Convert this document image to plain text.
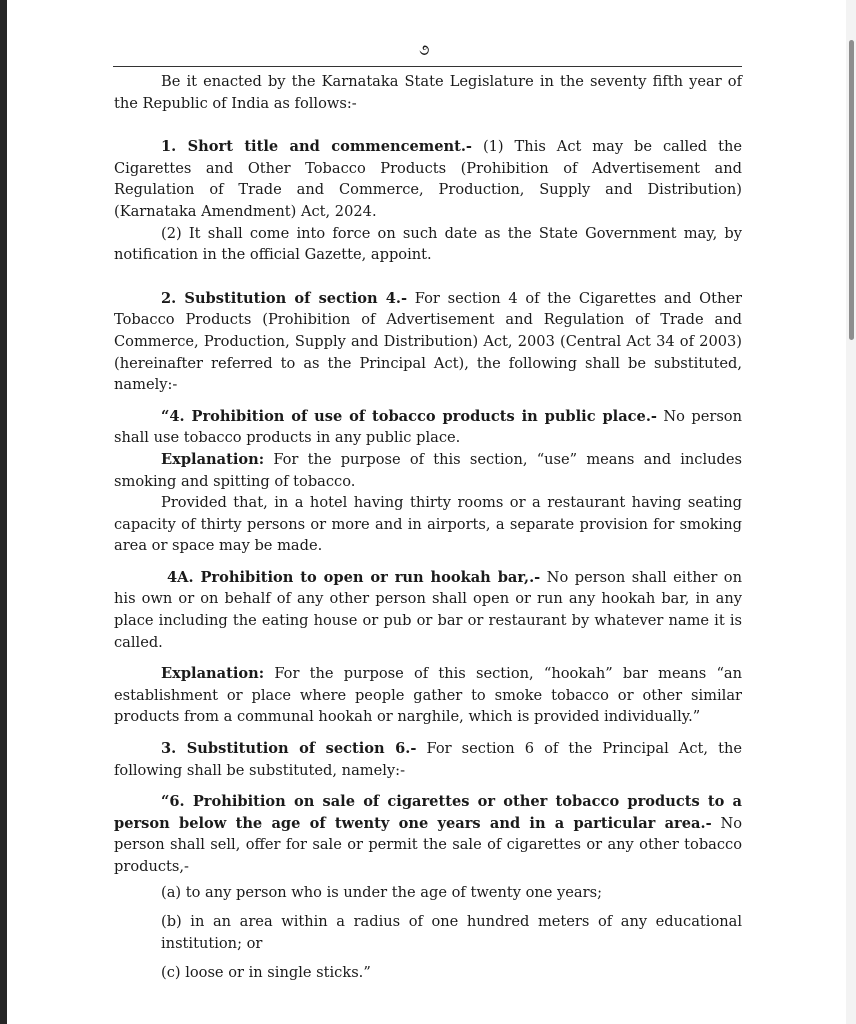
૭

Be it enacted by the Karnataka State Legislature in the seventy fifth year of the Republic of India as follows:-

1. Short title and commencement.- (1) This Act may be called the Cigarettes and Other Tobacco Products (Prohibition of Advertisement and Regulation of Trade and Commerce, Production, Supply and Distribution) (Karnataka Amendment) Act, 2024.

(2) It shall come into force on such date as the State Government may, by notification in the official Gazette, appoint.

2. Substitution of section 4.- For section 4 of the Cigarettes and Other Tobacco Products (Prohibition of Advertisement and Regulation of Trade and Commerce, Production, Supply and Distribution) Act, 2003 (Central Act 34 of 2003) (hereinafter referred to as the Principal Act), the following shall be substituted, namely:-

“4. Prohibition of use of tobacco products in public place.- No person shall use tobacco products in any public place.

Explanation: For the purpose of this section, “use” means and includes smoking and spitting of tobacco.

Provided that, in a hotel having thirty rooms or a restaurant having seating capacity of thirty persons or more and in airports, a separate provision for smoking area or space may be made.

4A. Prohibition to open or run hookah bar,.- No person shall either on his own or on behalf of any other person shall open or run any hookah bar, in any place including the eating house or pub or bar or restaurant by whatever name it is called.

Explanation: For the purpose of this section, “hookah” bar means “an establishment or place where people gather to smoke tobacco or other similar products from a communal hookah or narghile, which is provided individually.”

3. Substitution of section 6.- For section 6 of the Principal Act, the following shall be substituted, namely:-

“6. Prohibition on sale of cigarettes or other tobacco products to a person below the age of twenty one years and in a particular area.- No person shall sell, offer for sale or permit the sale of cigarettes or any other tobacco products,-

(a) to any person who is under the age of twenty one years;

(b) in an area within a radius of one hundred meters of any educational institution; or

(c) loose or in single sticks.”
